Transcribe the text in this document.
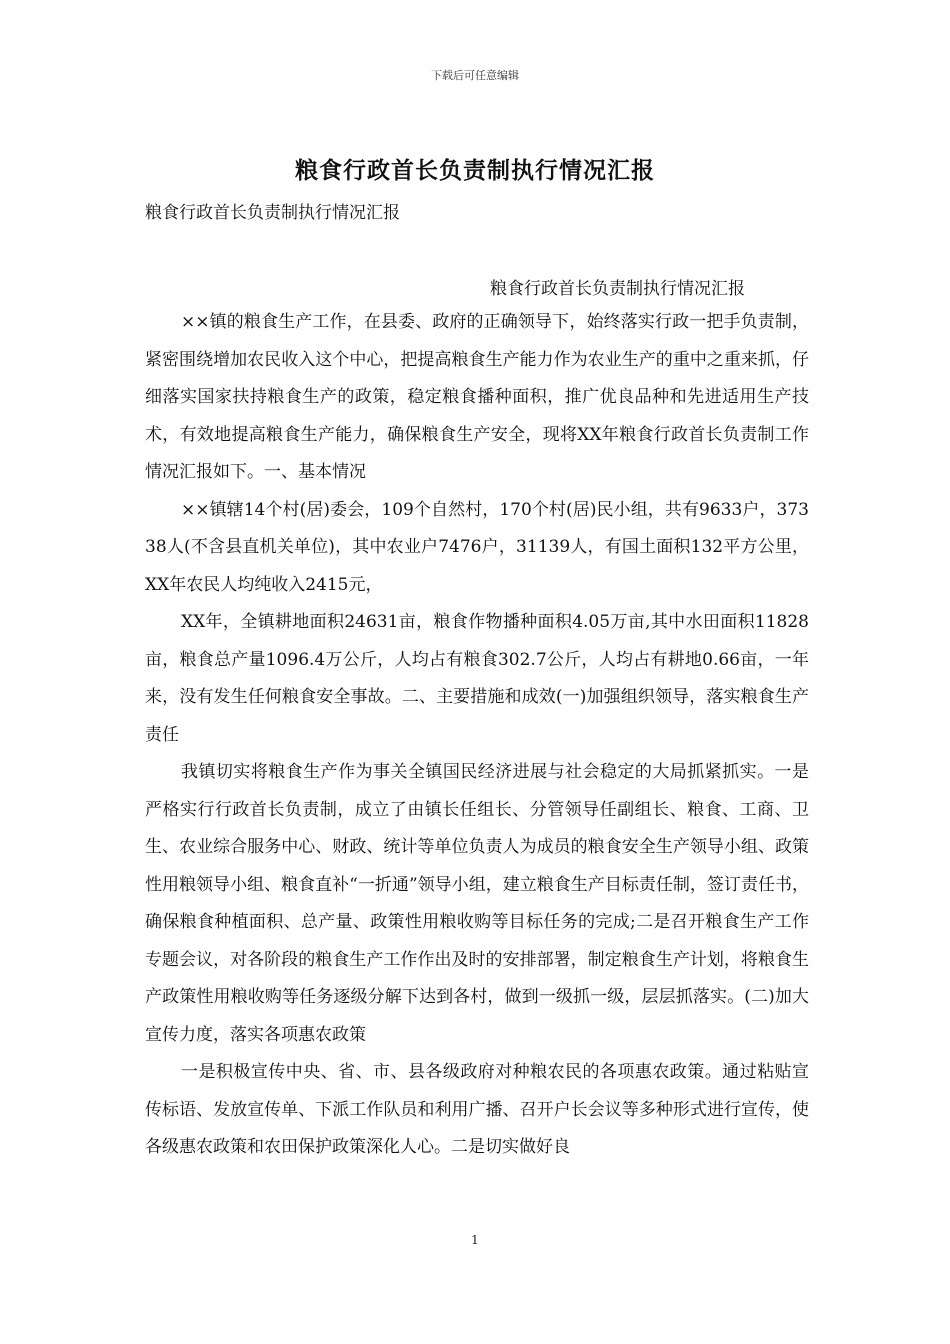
下载后可任意编辑
粮食行政首长负责制执行情况汇报

粮食行政首长负责制执行情况汇报

粮食行政首长负责制执行情况汇报

××镇的粮食生产工作，在县委、政府的正确领导下，始终落实行政一把手负责制，紧密围绕增加农民收入这个中心，把提高粮食生产能力作为农业生产的重中之重来抓，仔细落实国家扶持粮食生产的政策，稳定粮食播种面积，推广优良品种和先进适用生产技术，有效地提高粮食生产能力，确保粮食生产安全，现将XX年粮食行政首长负责制工作情况汇报如下。一、基本情况

××镇辖14个村(居)委会，109个自然村，170个村(居)民小组，共有9633户，37338人(不含县直机关单位)，其中农业户7476户，31139人，有国土面积132平方公里，XX年农民人均纯收入2415元，

XX年，全镇耕地面积24631亩，粮食作物播种面积4.05万亩,其中水田面积11828亩，粮食总产量1096.4万公斤，人均占有粮食302.7公斤，人均占有耕地0.66亩，一年来，没有发生任何粮食安全事故。二、主要措施和成效(一)加强组织领导，落实粮食生产责任

我镇切实将粮食生产作为事关全镇国民经济进展与社会稳定的大局抓紧抓实。一是严格实行行政首长负责制，成立了由镇长任组长、分管领导任副组长、粮食、工商、卫生、农业综合服务中心、财政、统计等单位负责人为成员的粮食安全生产领导小组、政策性用粮领导小组、粮食直补“一折通”领导小组，建立粮食生产目标责任制，签订责任书，确保粮食种植面积、总产量、政策性用粮收购等目标任务的完成;二是召开粮食生产工作专题会议，对各阶段的粮食生产工作作出及时的安排部署，制定粮食生产计划，将粮食生产政策性用粮收购等任务逐级分解下达到各村，做到一级抓一级，层层抓落实。(二)加大宣传力度，落实各项惠农政策

一是积极宣传中央、省、市、县各级政府对种粮农民的各项惠农政策。通过粘贴宣传标语、发放宣传单、下派工作队员和利用广播、召开户长会议等多种形式进行宣传，使各级惠农政策和农田保护政策深化人心。二是切实做好良

1
